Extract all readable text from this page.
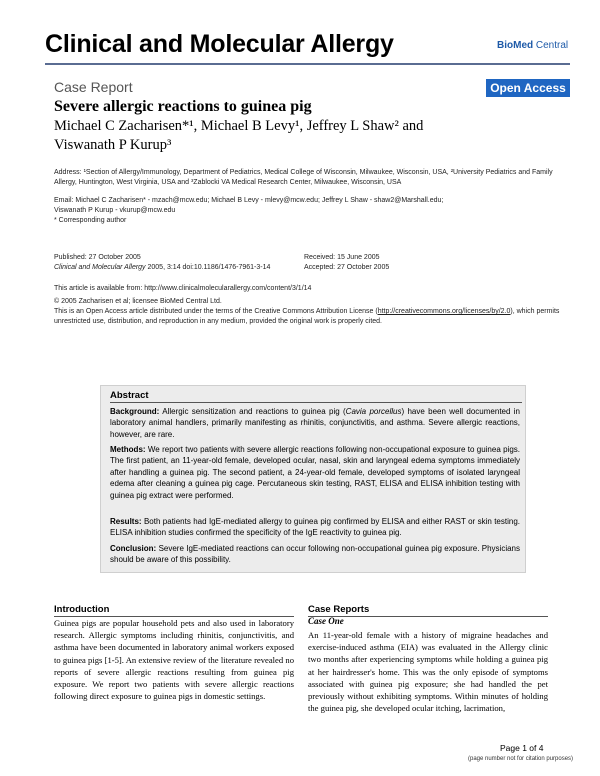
Clinical and Molecular Allergy	BioMed Central
Case Report	Open Access
Severe allergic reactions to guinea pig
Michael C Zacharisen*¹, Michael B Levy¹, Jeffrey L Shaw² and
Viswanath P Kurup³
Address: ¹Section of Allergy/Immunology, Department of Pediatrics, Medical College of Wisconsin, Milwaukee, Wisconsin, USA, ²University Pediatrics and Family Allergy, Huntington, West Virginia, USA and ³Zablocki VA Medical Research Center, Milwaukee, Wisconsin, USA
Email: Michael C Zacharisen* - mzach@mcw.edu; Michael B Levy - mlevy@mcw.edu; Jeffrey L Shaw - shaw2@Marshall.edu;
Viswanath P Kurup - vkurup@mcw.edu
* Corresponding author
Published: 27 October 2005
Clinical and Molecular Allergy 2005, 3:14 doi:10.1186/1476-7961-3-14
Received: 15 June 2005
Accepted: 27 October 2005
This article is available from: http://www.clinicalmolecularallergy.com/content/3/1/14
© 2005 Zacharisen et al; licensee BioMed Central Ltd.
This is an Open Access article distributed under the terms of the Creative Commons Attribution License (http://creativecommons.org/licenses/by/2.0), which permits unrestricted use, distribution, and reproduction in any medium, provided the original work is properly cited.
Abstract
Background: Allergic sensitization and reactions to guinea pig (Cavia porcellus) have been well documented in laboratory animal handlers, primarily manifesting as rhinitis, conjunctivitis, and asthma. Severe allergic reactions, however, are rare.
Methods: We report two patients with severe allergic reactions following non-occupational exposure to guinea pigs. The first patient, an 11-year-old female, developed ocular, nasal, skin and laryngeal edema symptoms immediately after handling a guinea pig. The second patient, a 24-year-old female, developed symptoms of isolated laryngeal edema after cleaning a guinea pig cage. Percutaneous skin testing, RAST, ELISA and ELISA inhibition testing with guinea pig extract were performed.
Results: Both patients had IgE-mediated allergy to guinea pig confirmed by ELISA and either RAST or skin testing. ELISA inhibition studies confirmed the specificity of the IgE reactivity to guinea pig.
Conclusion: Severe IgE-mediated reactions can occur following non-occupational guinea pig exposure. Physicians should be aware of this possibility.
Introduction
Guinea pigs are popular household pets and also used in laboratory research. Allergic symptoms including rhinitis, conjunctivitis, and asthma have been documented in laboratory animal workers exposed to guinea pigs [1-5]. An extensive review of the literature revealed no reports of severe allergic reactions resulting from guinea pig exposure. We report two patients with severe allergic reactions following direct exposure to guinea pigs in domestic settings.
Case Reports
Case One
An 11-year-old female with a history of migraine headaches and exercise-induced asthma (EIA) was evaluated in the Allergy clinic two months after experiencing symptoms while holding a guinea pig at her hairdresser's home. This was the only episode of symptoms associated with guinea pig exposure; she had handled the pet previously without exhibiting symptoms. Within minutes of holding the guinea pig, she developed ocular itching, lacrimation,
Page 1 of 4
(page number not for citation purposes)
